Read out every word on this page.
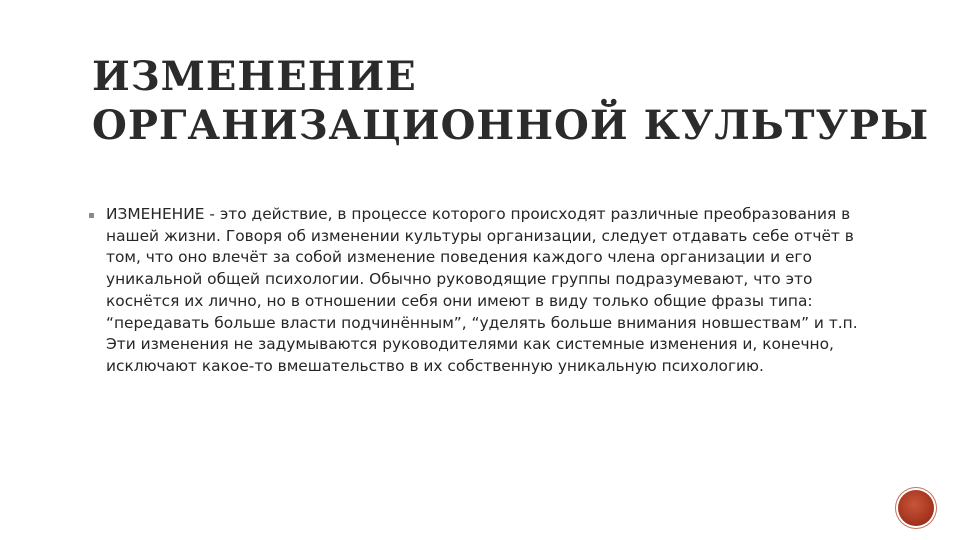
ИЗМЕНЕНИЕ
ОРГАНИЗАЦИОННОЙ КУЛЬТУРЫ
ИЗМЕНЕНИЕ - это действие, в процессе которого происходят различные преобразования в нашей жизни. Говоря об изменении культуры организации, следует отдавать себе отчёт в том, что оно влечёт за собой изменение поведения каждого члена организации и его уникальной общей психологии. Обычно руководящие группы подразумевают, что это коснётся их лично, но в отношении себя они имеют в виду только общие фразы типа: “передавать больше власти подчинённым”, “уделять больше внимания новшествам” и т.п. Эти изменения не задумываются руководителями как системные изменения и, конечно, исключают какое-то вмешательство в их собственную уникальную психологию.
